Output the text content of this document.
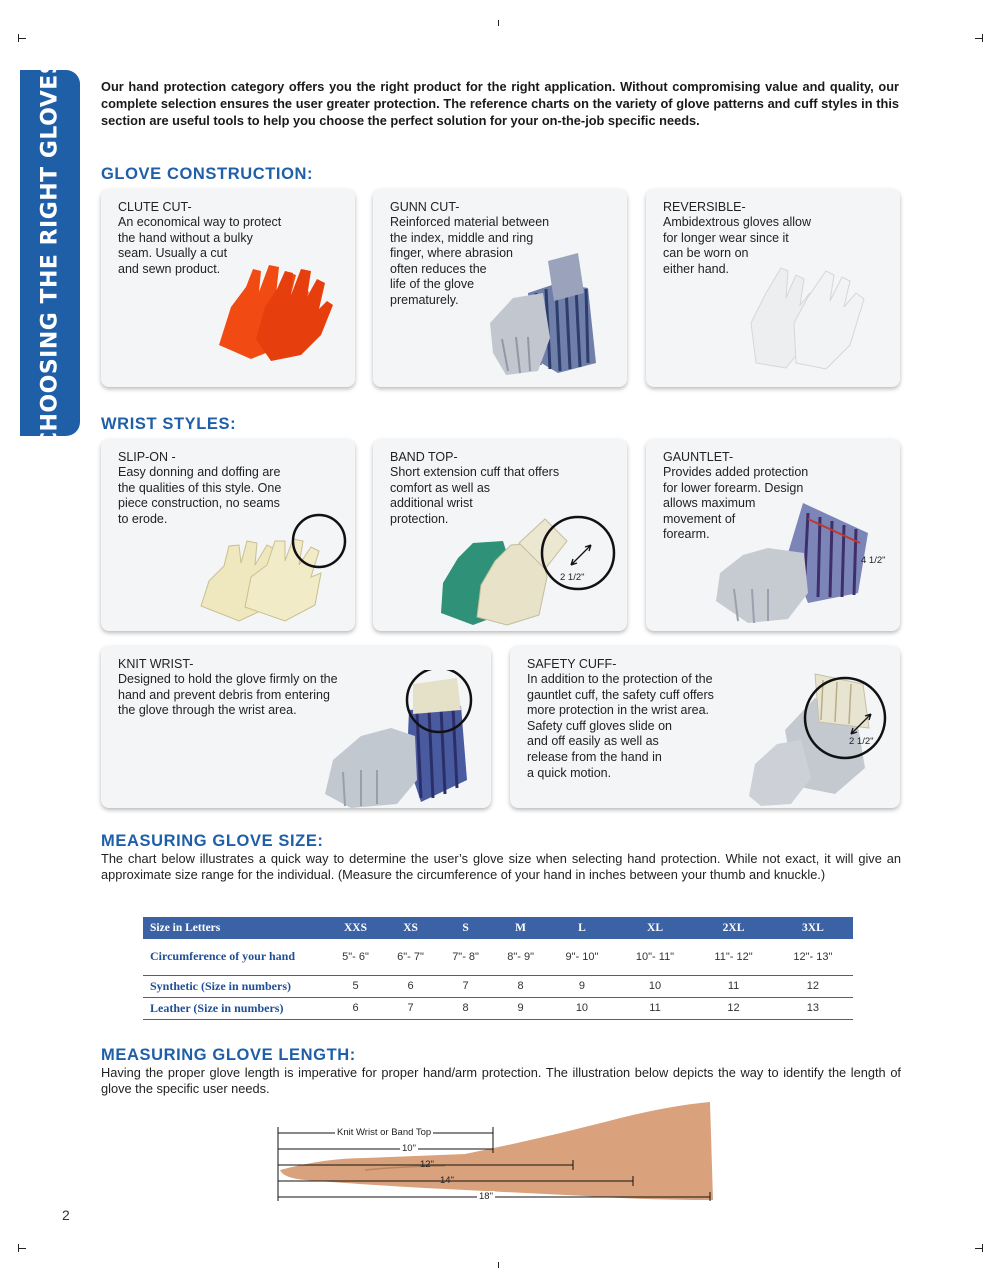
CHOOSING THE RIGHT GLOVES	Our hand protection category offers you the right product for the right application. Without compromising value and quality, our complete selection ensures the user greater protection. The reference charts on the variety of glove patterns and cuff styles in this section are useful tools to help you choose the perfect solution for your on-the-job specific needs.
GLOVE CONSTRUCTION:
CLUTE CUT-
An economical way to protect
the hand without a bulky
seam. Usually a cut
and sewn product.
GUNN CUT-
Reinforced material between
the index, middle and ring
finger, where abrasion
often reduces the
life of the glove
prematurely.
REVERSIBLE-
Ambidextrous gloves allow
for longer wear since it
can be worn on
either hand.
WRIST STYLES:
SLIP-ON -
Easy donning and doffing are
the qualities of this style. One
piece construction, no seams
to erode.
2 1/2"
BAND TOP-
Short extension cuff that offers
comfort as well as
additional wrist
protection.
4 1/2"
GAUNTLET-
Provides added protection
for lower forearm. Design
allows maximum
movement of
forearm.
KNIT WRIST-
Designed to hold the glove firmly on the
hand and prevent debris from entering
the glove through the wrist area.
2 1/2"
SAFETY CUFF-
In addition to the protection of the
gauntlet cuff, the safety cuff offers
more protection in the wrist area.
Safety cuff gloves slide on
and off easily as well as
release from the hand in
a quick motion.
MEASURING GLOVE SIZE:
The chart below illustrates a quick way to determine the user’s glove size when selecting hand protection. While not exact, it will give an approximate size range for the individual. (Measure the circumference of your hand in inches between your thumb and knuckle.)
Size in Letters	XXS	XS	S	M	L	XL	2XL	3XL
Circumference of your hand	5"- 6"	6"- 7"	7"- 8"	8"- 9"	9"- 10"	10"- 11"	11"- 12"	12"- 13"
Synthetic (Size in numbers)	5	6	7	8	9	10	11	12
Leather (Size in numbers)	6	7	8	9	10	11	12	13
MEASURING GLOVE LENGTH:
Having the proper glove length is imperative for proper hand/arm protection. The illustration below depicts the way to identify the length of glove the specific user needs.
Knit Wrist or Band Top
10"
12"
14"
18"
2
